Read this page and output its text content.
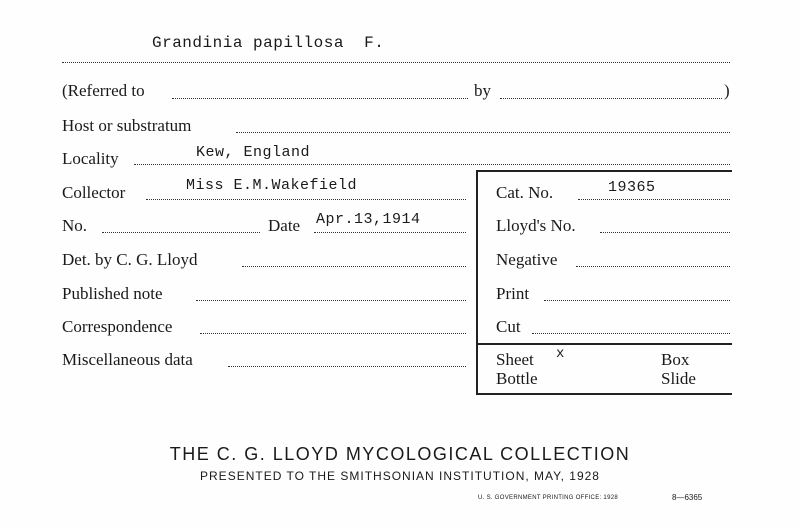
Grandinia papillosa F.
(Referred to	by	)
Host or substratum
Locality	Kew, England
Collector	Miss E.M.Wakefield	Cat. No.	19365
No.	Date Apr.13,1914	Lloyd's No.
Det. by C. G. Lloyd	Negative
Published note	Print
Correspondence	Cut
Miscellaneous data	Sheet x	Box
Bottle	Slide
THE C. G. LLOYD MYCOLOGICAL COLLECTION
PRESENTED TO THE SMITHSONIAN INSTITUTION, MAY, 1928
U. S. GOVERNMENT PRINTING OFFICE: 1928	8—6365
